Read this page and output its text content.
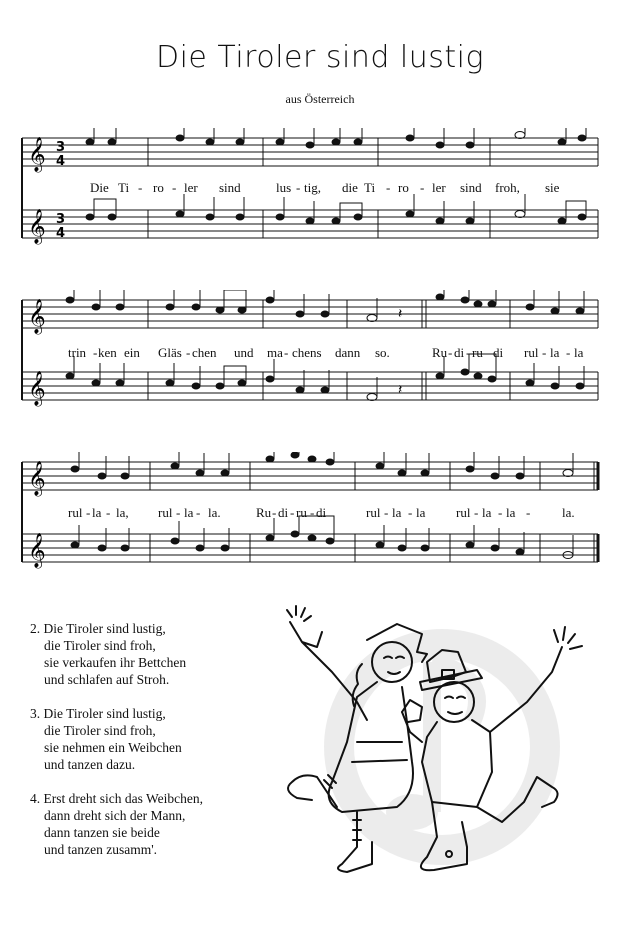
Die Tiroler sind lustig
aus Österreich
𝄞
𝄞
3
4
3
4
Die Ti - ro - ler sind	lus - tig, die Ti - ro - ler sind froh, sie
𝄞
𝄞
𝄽
𝄽
trin - ken ein Gläs - chen und ma - chens dann so.	Ru - di - ru - di rul - la - la
𝄞
𝄞
rul - la - la, rul - la - la.	Ru - di - ru - di	rul - la - la rul - la - la - la.
2. Die Tiroler sind lustig,
die Tiroler sind froh,
sie verkaufen ihr Bettchen
und schlafen auf Stroh.
3. Die Tiroler sind lustig,
die Tiroler sind froh,
sie nehmen ein Weibchen
und tanzen dazu.
4. Erst dreht sich das Weibchen,
dann dreht sich der Mann,
dann tanzen sie beide
und tanzen zusamm'.
